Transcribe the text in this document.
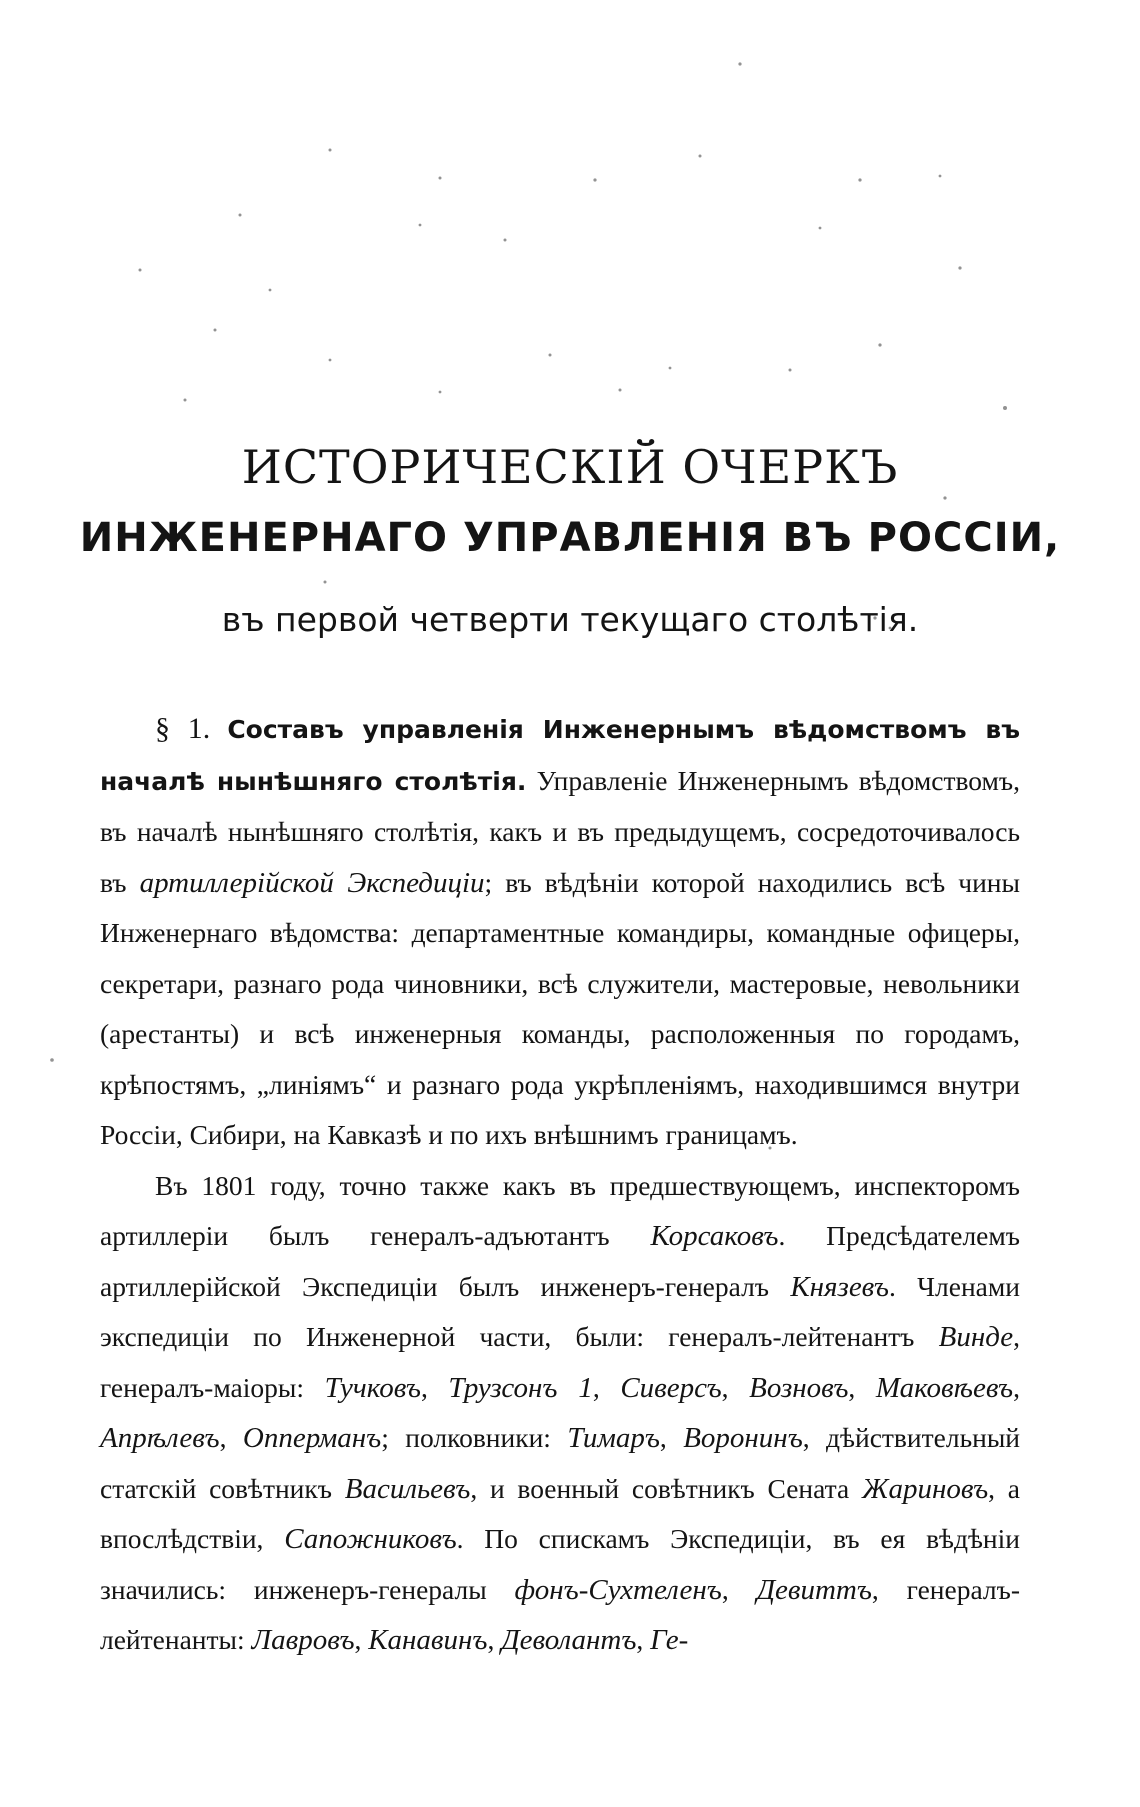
ИСТОРИЧЕСКІЙ ОЧЕРКЪ
ИНЖЕНЕРНАГО УПРАВЛЕНІЯ ВЪ РОССІИ,
въ первой четверти текущаго столѣтія.

§ 1. Составъ управленія Инженернымъ вѣдомствомъ въ началѣ нынѣшняго столѣтія. Управленіе Инженернымъ вѣдомствомъ, въ началѣ нынѣшняго столѣтія, какъ и въ предыдущемъ, сосредоточивалось въ артиллерійской Экспедиціи; въ вѣдѣніи которой находились всѣ чины Инженернаго вѣдомства: департаментные командиры, командные офицеры, секретари, разнаго рода чиновники, всѣ служители, мастеровые, невольники (арестанты) и всѣ инженерныя команды, расположенныя по городамъ, крѣпостямъ, „линіямъ“ и разнаго рода укрѣпленіямъ, находившимся внутри Россіи, Сибири, на Кавказѣ и по ихъ внѣшнимъ границамъ.

Въ 1801 году, точно также какъ въ предшествующемъ, инспекторомъ артиллеріи былъ генералъ-адъютантъ Корсаковъ. Предсѣдателемъ артиллерійской Экспедиціи былъ инженеръ-генералъ Князевъ. Членами экспедиціи по Инженерной части, были: генералъ-лейтенантъ Винде, генералъ-маіоры: Тучковъ, Трузсонъ 1, Сиверсъ, Возновъ, Маковѣевъ, Апрѣлевъ, Опперманъ; полковники: Тимаръ, Воронинъ, дѣйствительный статскій совѣтникъ Васильевъ, и военный совѣтникъ Сената Жариновъ, а впослѣдствіи, Сапожниковъ. По спискамъ Экспедиціи, въ ея вѣдѣніи значились: инженеръ-генералы фонъ-Сухтеленъ, Девиттъ, генералъ-лейтенанты: Лавровъ, Канавинъ, Деволантъ, Ге-
